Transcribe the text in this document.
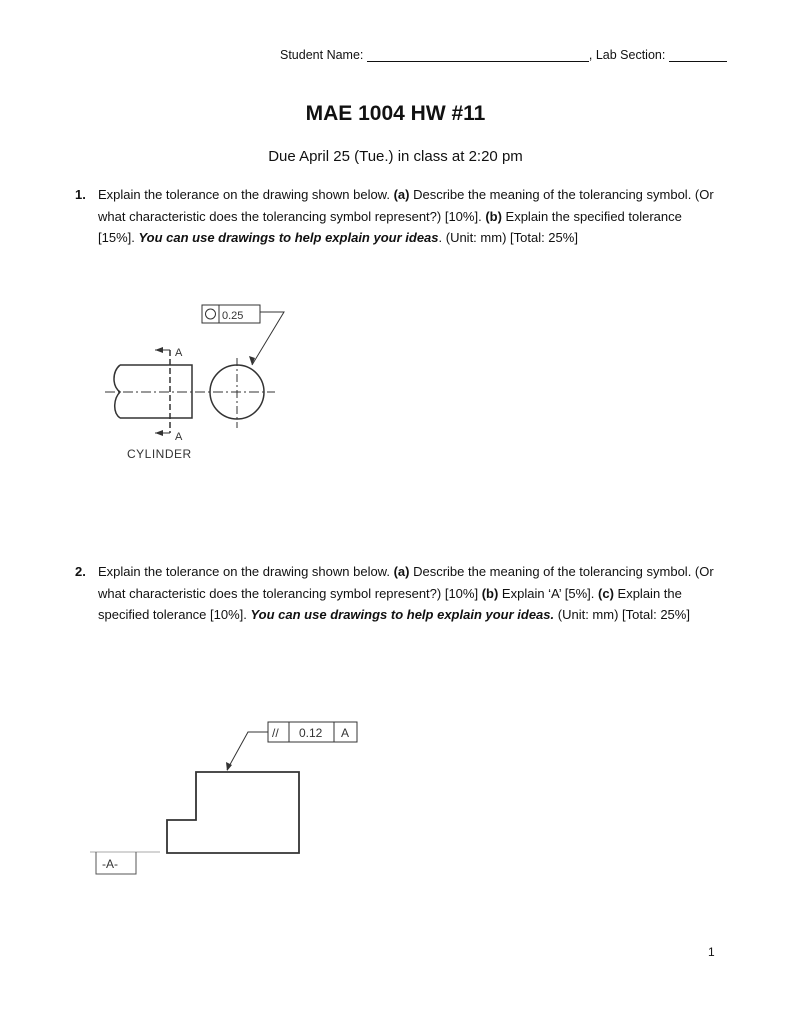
Student Name:	, Lab Section:
MAE 1004 HW #11
Due April 25 (Tue.) in class at 2:20 pm
1. Explain the tolerance on the drawing shown below. (a) Describe the meaning of the tolerancing symbol. (Or what characteristic does the tolerancing symbol represent?) [10%]. (b) Explain the specified tolerance [15%]. You can use drawings to help explain your ideas. (Unit: mm) [Total: 25%]
0.25
A
A
CYLINDER
2. Explain the tolerance on the drawing shown below. (a) Describe the meaning of the tolerancing symbol. (Or what characteristic does the tolerancing symbol represent?) [10%] (b) Explain ‘A’ [5%]. (c) Explain the specified tolerance [10%]. You can use drawings to help explain your ideas. (Unit: mm) [Total: 25%]
// 0.12 A
-A-
1
